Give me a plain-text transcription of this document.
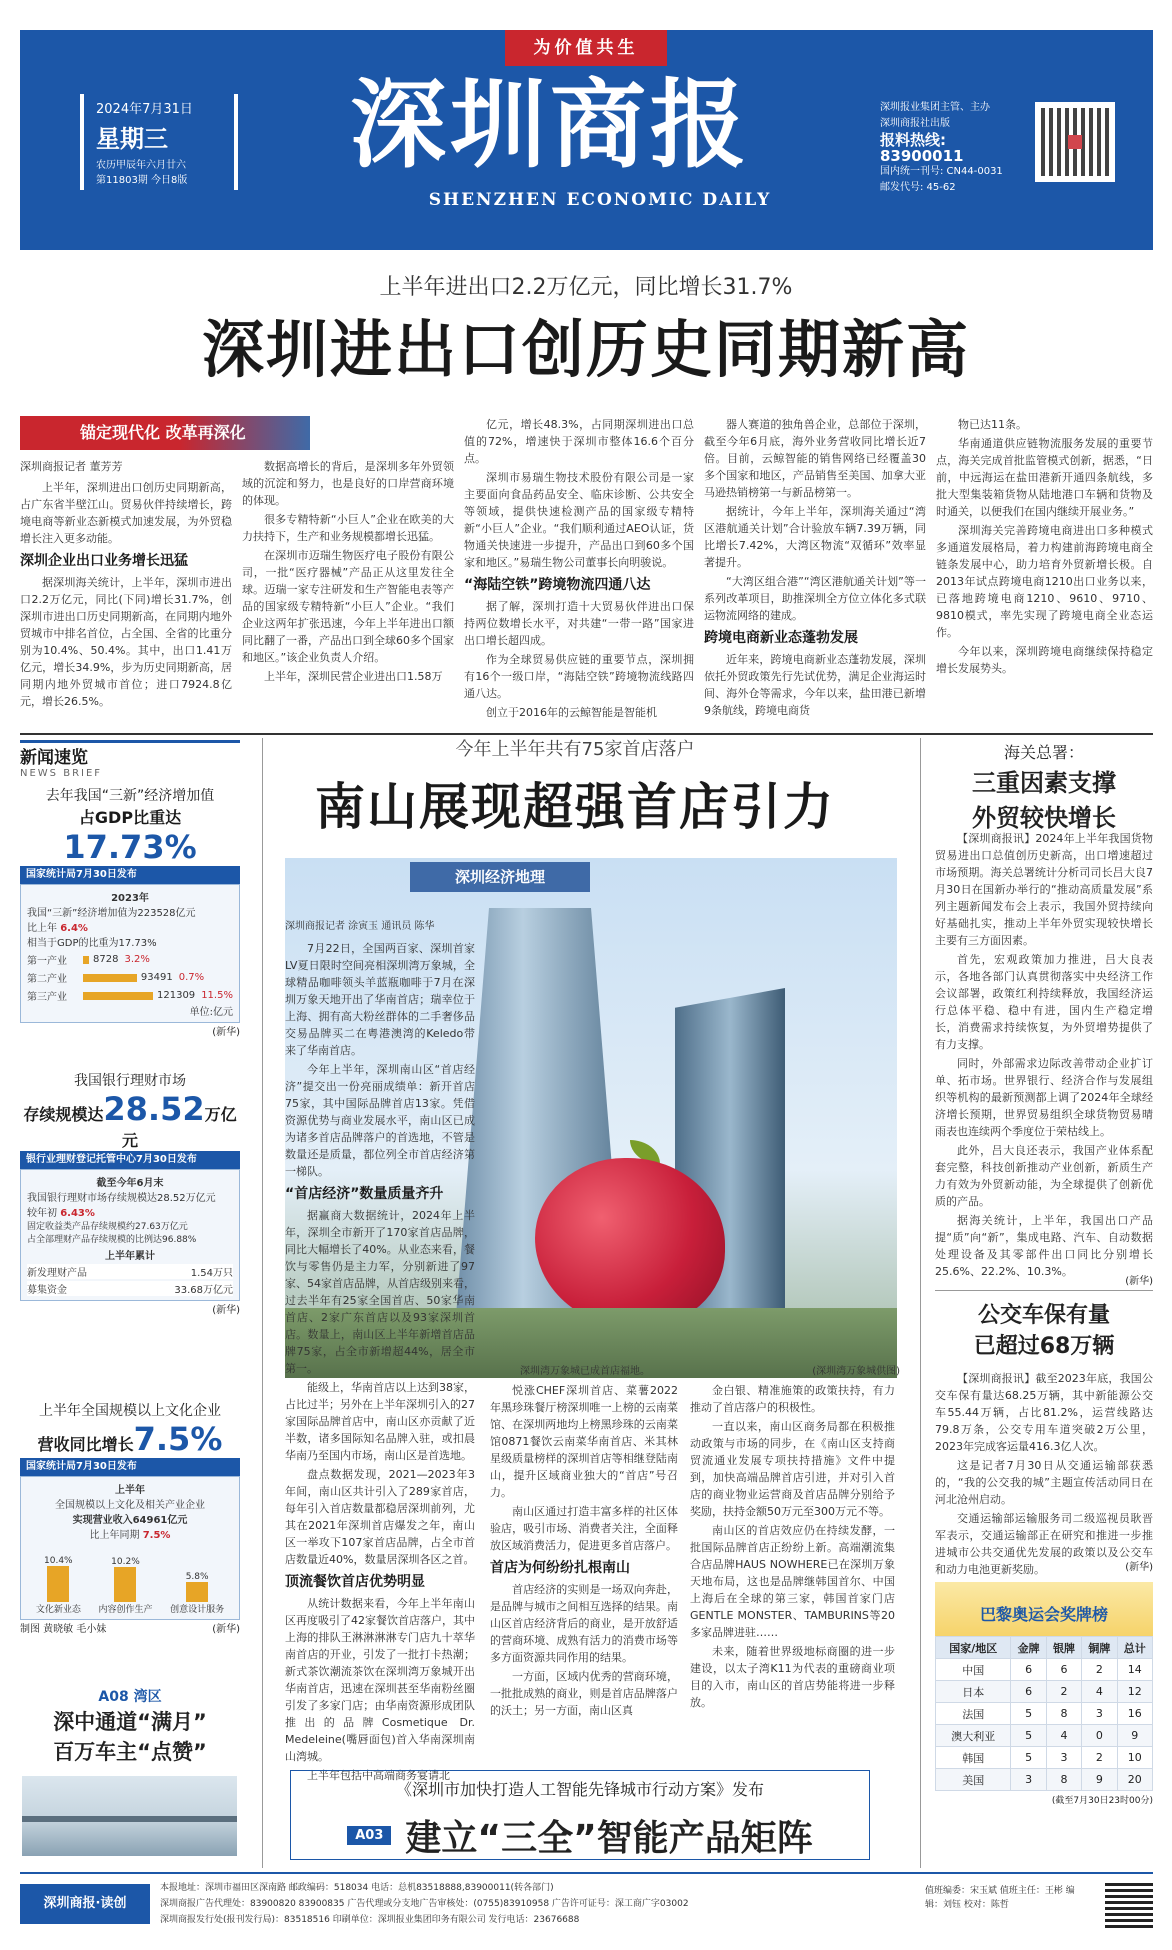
为价值共生
2024年7月31日
星期三
农历甲辰年六月廿六
第11803期 今日8版	深圳商报
SHENZHEN ECONOMIC DAILY
深圳报业集团主管、主办
深圳商报社出版
报料热线: 83900011
国内统一刊号: CN44-0031
邮发代号: 45-62
上半年进出口2.2万亿元，同比增长31.7%
深圳进出口创历史同期新高
锚定现代化 改革再深化
深圳商报记者 董芳芳

上半年，深圳进出口创历史同期新高，占广东省半壁江山。贸易伙伴持续增长，跨境电商等新业态新模式加速发展，为外贸稳增长注入更多动能。

深圳企业出口业务增长迅猛

据深圳海关统计，上半年，深圳市进出口2.2万亿元，同比(下同)增长31.7%，创深圳市进出口历史同期新高，在同期内地外贸城市中排名首位，占全国、全省的比重分别为10.4%、50.4%。其中，出口1.41万亿元，增长34.9%，步为历史同期新高，居同期内地外贸城市首位；进口7924.8亿元，增长26.5%。

数据高增长的背后，是深圳多年外贸领域的沉淀和努力，也是良好的口岸营商环境的体现。

很多专精特新“小巨人”企业在欧美的大力扶持下，生产和业务规模都增长迅猛。

在深圳市迈瑞生物医疗电子股份有限公司，一批“医疗器械”产品正从这里发往全球。迈瑞一家专注研发和生产智能电表等产品的国家级专精特新“小巨人”企业。“我们企业这两年扩张迅速，今年上半年进出口额同比翻了一番，产品出口到全球60多个国家和地区。”该企业负责人介绍。

上半年，深圳民营企业进出口1.58万

亿元，增长48.3%，占同期深圳进出口总值的72%，增速快于深圳市整体16.6个百分点。

深圳市易瑞生物技术股份有限公司是一家主要面向食品药品安全、临床诊断、公共安全等领域，提供快速检测产品的国家级专精特新“小巨人”企业。“我们顺利通过AEO认证，货物通关快速进一步提升，产品出口到60多个国家和地区。”易瑞生物公司董事长向明骏说。

“海陆空铁”跨境物流四通八达

据了解，深圳打造十大贸易伙伴进出口保持两位数增长水平，对共建“一带一路”国家进出口增长超四成。

作为全球贸易供应链的重要节点，深圳拥有16个一级口岸，“海陆空铁”跨境物流线路四通八达。

创立于2016年的云鲸智能是智能机

器人赛道的独角兽企业，总部位于深圳，截至今年6月底，海外业务营收同比增长近7倍。目前，云鲸智能的销售网络已经覆盖30多个国家和地区，产品销售至美国、加拿大亚马逊热销榜第一与新品榜第一。

据统计，今年上半年，深圳海关通过“湾区港航通关计划”合计验放车辆7.39万辆，同比增长7.42%，大湾区物流“双循环”效率显著提升。

“大湾区组合港”“湾区港航通关计划”等一系列改革项目，助推深圳全方位立体化多式联运物流网络的建成。

跨境电商新业态蓬勃发展

近年来，跨境电商新业态蓬勃发展，深圳依托外贸政策先行先试优势，满足企业海运时间、海外仓等需求，今年以来，盐田港已新增9条航线，跨境电商货

物已达11条。

华南通道供应链物流服务发展的重要节点，海关完成首批监管模式创新，据悉，“日前，中远海运在盐田港新开通四条航线，多批大型集装箱货物从陆地港口车辆和货物及时通关，以便我们在国内继续开展业务。”

深圳海关完善跨境电商进出口多种模式多通道发展格局，着力构建前海跨境电商全链条发展中心，助力培育外贸新增长极。自2013年试点跨境电商1210出口业务以来，已落地跨境电商1210、9610、9710、9810模式，率先实现了跨境电商全业态运作。

今年以来，深圳跨境电商继续保持稳定增长发展势头。

新闻速览
NEWS BRIEF
去年我国“三新”经济增加值
占GDP比重达17.73%
国家统计局7月30日发布
2023年
我国“三新”经济增加值为223528亿元
比上年 6.4%
相当于GDP的比重为17.73%
第一产业	8728 3.2%
第二产业	93491 0.7%
第三产业	121309 11.5%
单位:亿元
(新华)
我国银行理财市场
存续规模达28.52万亿元
银行业理财登记托管中心7月30日发布
截至今年6月末
我国银行理财市场存续规模达28.52万亿元
较年初 6.43%
固定收益类产品存续规模约27.63万亿元
占全部理财产品存续规模的比例达96.88%
上半年累计
新发理财产品	1.54万只
募集资金	33.68万亿元
(新华)
上半年全国规模以上文化企业
营收同比增长7.5%
国家统计局7月30日发布
上半年
全国规模以上文化及相关产业企业
实现营业收入64961亿元
比上年同期 7.5%
10.4%
文化新业态
10.2%
内容创作生产
5.8%
创意设计服务
制图 黄晓敏 毛小妹	(新华)
A08 湾区
深中通道“满月”
百万车主“点赞”
今年上半年共有75家首店落户
南山展现超强首店引力
深圳经济地理
深圳商报记者 涂寅玉 通讯员 陈华
深圳湾万象城已成首店福地。	(深圳湾万象城供图)

7月22日，全国两百家、深圳首家LV夏日限时空间亮相深圳湾万象城，全球精品咖啡领头羊蓝瓶咖啡于7月在深圳万象天地开出了华南首店；瑞幸位于上海、拥有高大粉丝群体的二手奢侈品交易品牌买二在粤港澳湾的Keledo带来了华南首店。

今年上半年，深圳南山区“首店经济”提交出一份亮丽成绩单：新开首店75家，其中国际品牌首店13家。凭借资源优势与商业发展水平，南山区已成为诸多首店品牌落户的首选地，不管是数量还是质量，都位列全市首店经济第一梯队。

“首店经济”数量质量齐升

据赢商大数据统计，2024年上半年，深圳全市新开了170家首店品牌，同比大幅增长了40%。从业态来看，餐饮与零售仍是主力军，分别新进了97家、54家首店品牌，从首店级别来看，过去半年有25家全国首店、50家华南首店、2家广东首店以及93家深圳首店。数量上，南山区上半年新增首店品牌75家，占全市新增超44%，居全市第一。

能级上，华南首店以上达到38家，占比过半；另外在上半年深圳引入的27家国际品牌首店中，南山区亦贡献了近半数，诸多国际知名品牌入驻，或扣晨华南乃至国内市场，南山区是首选地。

盘点数据发现，2021—2023年3年间，南山区共计引入了289家首店，每年引入首店数量都稳居深圳前列，尤其在2021年深圳首店爆发之年，南山区一举攻下107家首店品牌，占全市首店数量近40%，数量居深圳各区之首。

顶流餐饮首店优势明显

从统计数据来看，今年上半年南山区再度吸引了42家餐饮首店落户，其中上海的排队王淋淋淋淋专门店九十萃华南首店的开业，引发了一批打卡热潮；新式茶饮潮流茶饮在深圳湾万象城开出华南首店，迅速在深圳甚至华南粉丝圈引发了多家门店；由华南资源形成团队推出的品牌Cosmetique Dr. Medeleine(嘴唇面包)首入华南深圳南山湾城。

上半年包括中高端商务宴请北

悦涨CHEF深圳首店、菜薯2022年黑珍珠餐厅榜深圳唯一上榜的云南菜馆、在深圳两地均上榜黑珍珠的云南菜馆0871餐饮云南菜华南首店、米其林星级质量榜样的深圳首店等相继登陆南山，提升区域商业独大的“首店”号召力。

南山区通过打造丰富多样的社区体验店，吸引市场、消费者关注，全面释放区域消费活力，促进更多首店落户。

首店为何纷纷扎根南山

首店经济的实则是一场双向奔赴，是品牌与城市之间相互选择的结果。南山区首店经济背后的商业，是开放舒适的营商环境、成熟有活力的消费市场等多方面资源共同作用的结果。

一方面，区域内优秀的营商环境，一批批成熟的商业，则是首店品牌落户的沃土；另一方面，南山区真

金白银、精准施策的政策扶持，有力推动了首店落户的积极性。

一直以来，南山区商务局都在积极推动政策与市场的同步，在《南山区支持商贸流通业发展专项扶持措施》文件中提到，加快高端品牌首店引进，并对引入首店的商业物业运营商及首店品牌分别给予奖励，扶持金额50万元至300万元不等。

南山区的首店效应仍在持续发酵，一批国际品牌首店正纷纷上新。高端潮流集合店品牌HAUS NOWHERE已在深圳万象天地布局，这也是品牌继韩国首尔、中国上海后在全球的第三家，韩国首家门店GENTLE MONSTER、TAMBURINS等20多家品牌进驻……

未来，随着世界级地标商圈的进一步建设，以太子湾K11为代表的重磅商业项目的入市，南山区的首店势能将进一步释放。

《深圳市加快打造人工智能先锋城市行动方案》发布
A03 建立“三全”智能产品矩阵
海关总署：
三重因素支撑
外贸较快增长

【深圳商报讯】2024年上半年我国货物贸易进出口总值创历史新高，出口增速超过市场预期。海关总署统计分析司司长吕大良7月30日在国新办举行的“推动高质量发展”系列主题新闻发布会上表示，我国外贸持续向好基础扎实，推动上半年外贸实现较快增长主要有三方面因素。

首先，宏观政策加力推进，吕大良表示，各地各部门认真贯彻落实中央经济工作会议部署，政策红利持续释放，我国经济运行总体平稳、稳中有进，国内生产稳定增长，消费需求持续恢复，为外贸增势提供了有力支撑。

同时，外部需求边际改善带动企业扩订单、拓市场。世界银行、经济合作与发展组织等机构的最新预测都上调了2024年全球经济增长预期，世界贸易组织全球货物贸易晴雨表也连续两个季度位于荣枯线上。

此外，吕大良还表示，我国产业体系配套完整，科技创新推动产业创新，新质生产力有效为外贸新动能，为全球提供了创新优质的产品。

据海关统计，上半年，我国出口产品提“质”向“新”，集成电路、汽车、自动数据处理设备及其零部件出口同比分别增长25.6%、22.2%、10.3%。

(新华)
公交车保有量
已超过68万辆

【深圳商报讯】截至2023年底，我国公交车保有量达68.25万辆，其中新能源公交车55.44万辆，占比81.2%，运营线路达79.8万条，公交专用车道突破2万公里，2023年完成客运量416.3亿人次。

这是记者7月30日从交通运输部获悉的，“我的公交我的城”主题宣传活动同日在河北沧州启动。

交通运输部运输服务司二级巡视员耿晋军表示，交通运输部正在研究和推进一步推进城市公共交通优先发展的政策以及公交车和动力电池更新奖励。	(新华)
巴黎奥运会奖牌榜
国家/地区	金牌	银牌	铜牌	总计
中国	6	6	2	14
日本	6	2	4	12
法国	5	8	3	16
澳大利亚	5	4	0	9
韩国	5	3	2	10
美国	3	8	9	20
(截至7月30日23时00分)
深圳商报·读创
本报地址：深圳市福田区深南路 邮政编码：518034 电话：总机83518888,83900011(转各部门)
深圳商报广告代理处：83900820 83900835 广告代理或分支地广告审核处：(0755)83910958 广告许可证号：深工商广字03002
深圳商报发行处(报刊发行局)：83518516 印刷单位：深圳报业集团印务有限公司 发行电话：23676688
值班编委：宋玉斌 值班主任：王彬 编辑：刘钰 校对：陈哲
